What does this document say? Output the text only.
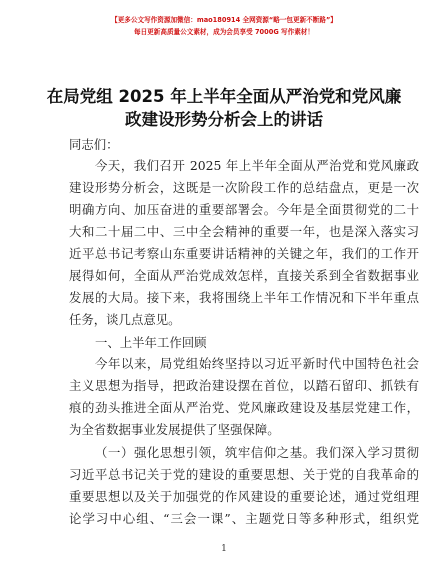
【更多公文写作资源加微信：mao180914 全网资源“略一包更新不断路”】
每日更新高质量公文素材，成为会员享受 7000G 写作素材！
在局党组 2025 年上半年全面从严治党和党风廉
政建设形势分析会上的讲话
同志们：
今天，我们召开 2025 年上半年全面从严治党和党风廉政
建设形势分析会，这既是一次阶段工作的总结盘点，更是一次
明确方向、加压奋进的重要部署会。今年是全面贯彻党的二十
大和二十届二中、三中全会精神的重要一年，也是深入落实习
近平总书记考察山东重要讲话精神的关键之年，我们的工作开
展得如何，全面从严治党成效怎样，直接关系到全省数据事业
发展的大局。接下来，我将围绕上半年工作情况和下半年重点
任务，谈几点意见。
一、上半年工作回顾
今年以来，局党组始终坚持以习近平新时代中国特色社会
主义思想为指导，把政治建设摆在首位，以踏石留印、抓铁有
痕的劲头推进全面从严治党、党风廉政建设及基层党建工作，
为全省数据事业发展提供了坚强保障。
（一）强化思想引领，筑牢信仰之基。我们深入学习贯彻
习近平总书记关于党的建设的重要思想、关于党的自我革命的
重要思想以及关于加强党的作风建设的重要论述，通过党组理
论学习中心组、“三会一课”、主题党日等多种形式，组织党
1
